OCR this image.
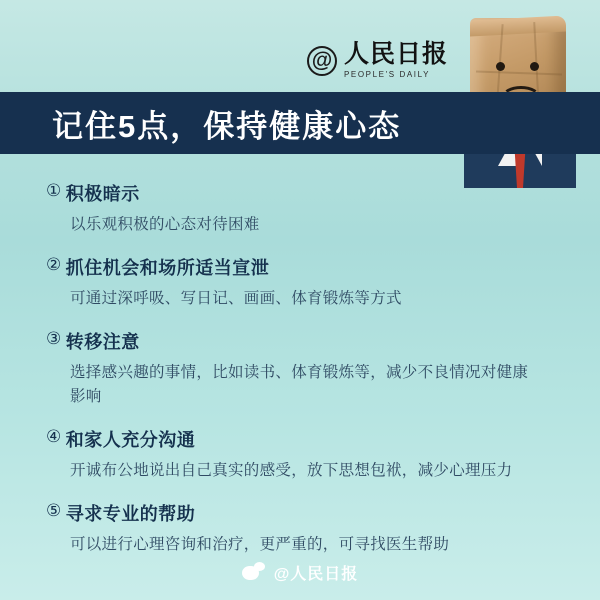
@
人民日报
PEOPLE'S DAILY
记住5点，保持健康心态
① 积极暗示
以乐观积极的心态对待困难
② 抓住机会和场所适当宣泄
可通过深呼吸、写日记、画画、体育锻炼等方式
③ 转移注意
选择感兴趣的事情，比如读书、体育锻炼等，减少不良情况对健康影响
④ 和家人充分沟通
开诚布公地说出自己真实的感受，放下思想包袱，减少心理压力
⑤ 寻求专业的帮助
可以进行心理咨询和治疗，更严重的，可寻找医生帮助
@人民日报
